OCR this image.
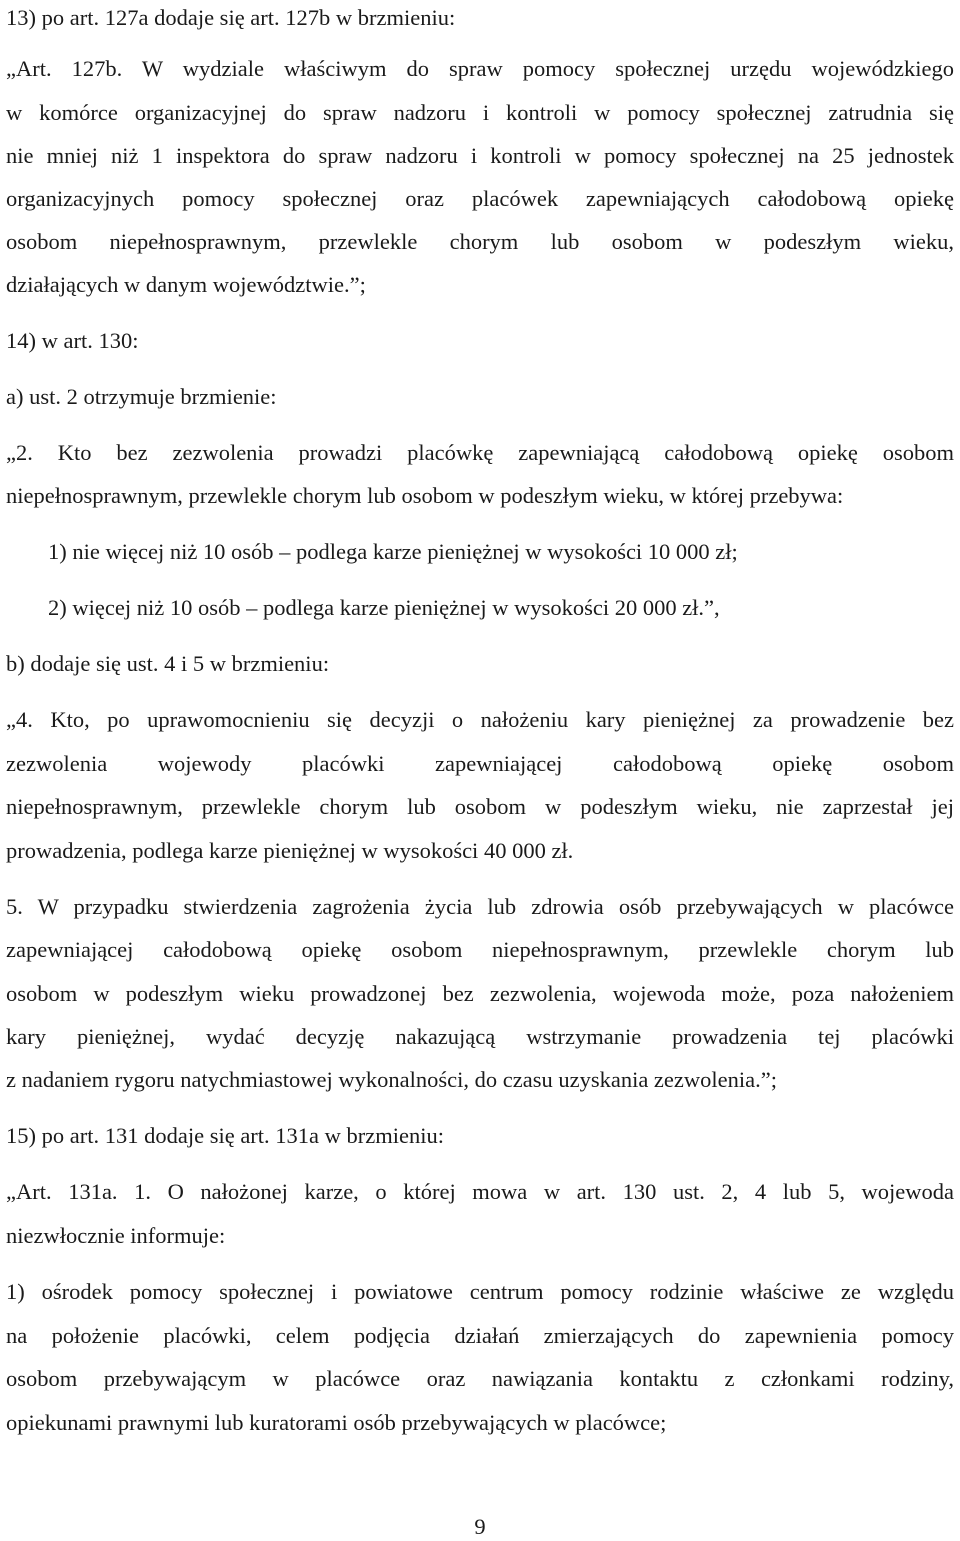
13) po art. 127a dodaje się art. 127b w brzmieniu:
„Art. 127b. W wydziale właściwym do spraw pomocy społecznej urzędu wojewódzkiego
w komórce organizacyjnej do spraw nadzoru i kontroli w pomocy społecznej zatrudnia się
nie mniej niż 1 inspektora do spraw nadzoru i kontroli w pomocy społecznej na 25 jednostek
organizacyjnych pomocy społecznej oraz placówek zapewniających całodobową opiekę
osobom niepełnosprawnym, przewlekle chorym lub osobom w podeszłym wieku,
działających w danym województwie.”;
14) w art. 130:
a) ust. 2 otrzymuje brzmienie:
„2. Kto bez zezwolenia prowadzi placówkę zapewniającą całodobową opiekę osobom
niepełnosprawnym, przewlekle chorym lub osobom w podeszłym wieku, w której przebywa:
1) nie więcej niż 10 osób – podlega karze pieniężnej w wysokości 10 000 zł;
2) więcej niż 10 osób – podlega karze pieniężnej w wysokości 20 000 zł.”,
b) dodaje się ust. 4 i 5 w brzmieniu:
„4. Kto, po uprawomocnieniu się decyzji o nałożeniu kary pieniężnej za prowadzenie bez
zezwolenia wojewody placówki zapewniającej całodobową opiekę osobom
niepełnosprawnym, przewlekle chorym lub osobom w podeszłym wieku, nie zaprzestał jej
prowadzenia, podlega karze pieniężnej w wysokości 40 000 zł.
5. W przypadku stwierdzenia zagrożenia życia lub zdrowia osób przebywających w placówce
zapewniającej całodobową opiekę osobom niepełnosprawnym, przewlekle chorym lub
osobom w podeszłym wieku prowadzonej bez zezwolenia, wojewoda może, poza nałożeniem
kary pieniężnej, wydać decyzję nakazującą wstrzymanie prowadzenia tej placówki
z nadaniem rygoru natychmiastowej wykonalności, do czasu uzyskania zezwolenia.”;
15) po art. 131 dodaje się art. 131a w brzmieniu:
„Art. 131a. 1. O nałożonej karze, o której mowa w art. 130 ust. 2, 4 lub 5, wojewoda
niezwłocznie informuje:
1) ośrodek pomocy społecznej i powiatowe centrum pomocy rodzinie właściwe ze względu
na położenie placówki, celem podjęcia działań zmierzających do zapewnienia pomocy
osobom przebywającym w placówce oraz nawiązania kontaktu z członkami rodziny,
opiekunami prawnymi lub kuratorami osób przebywających w placówce;
9
